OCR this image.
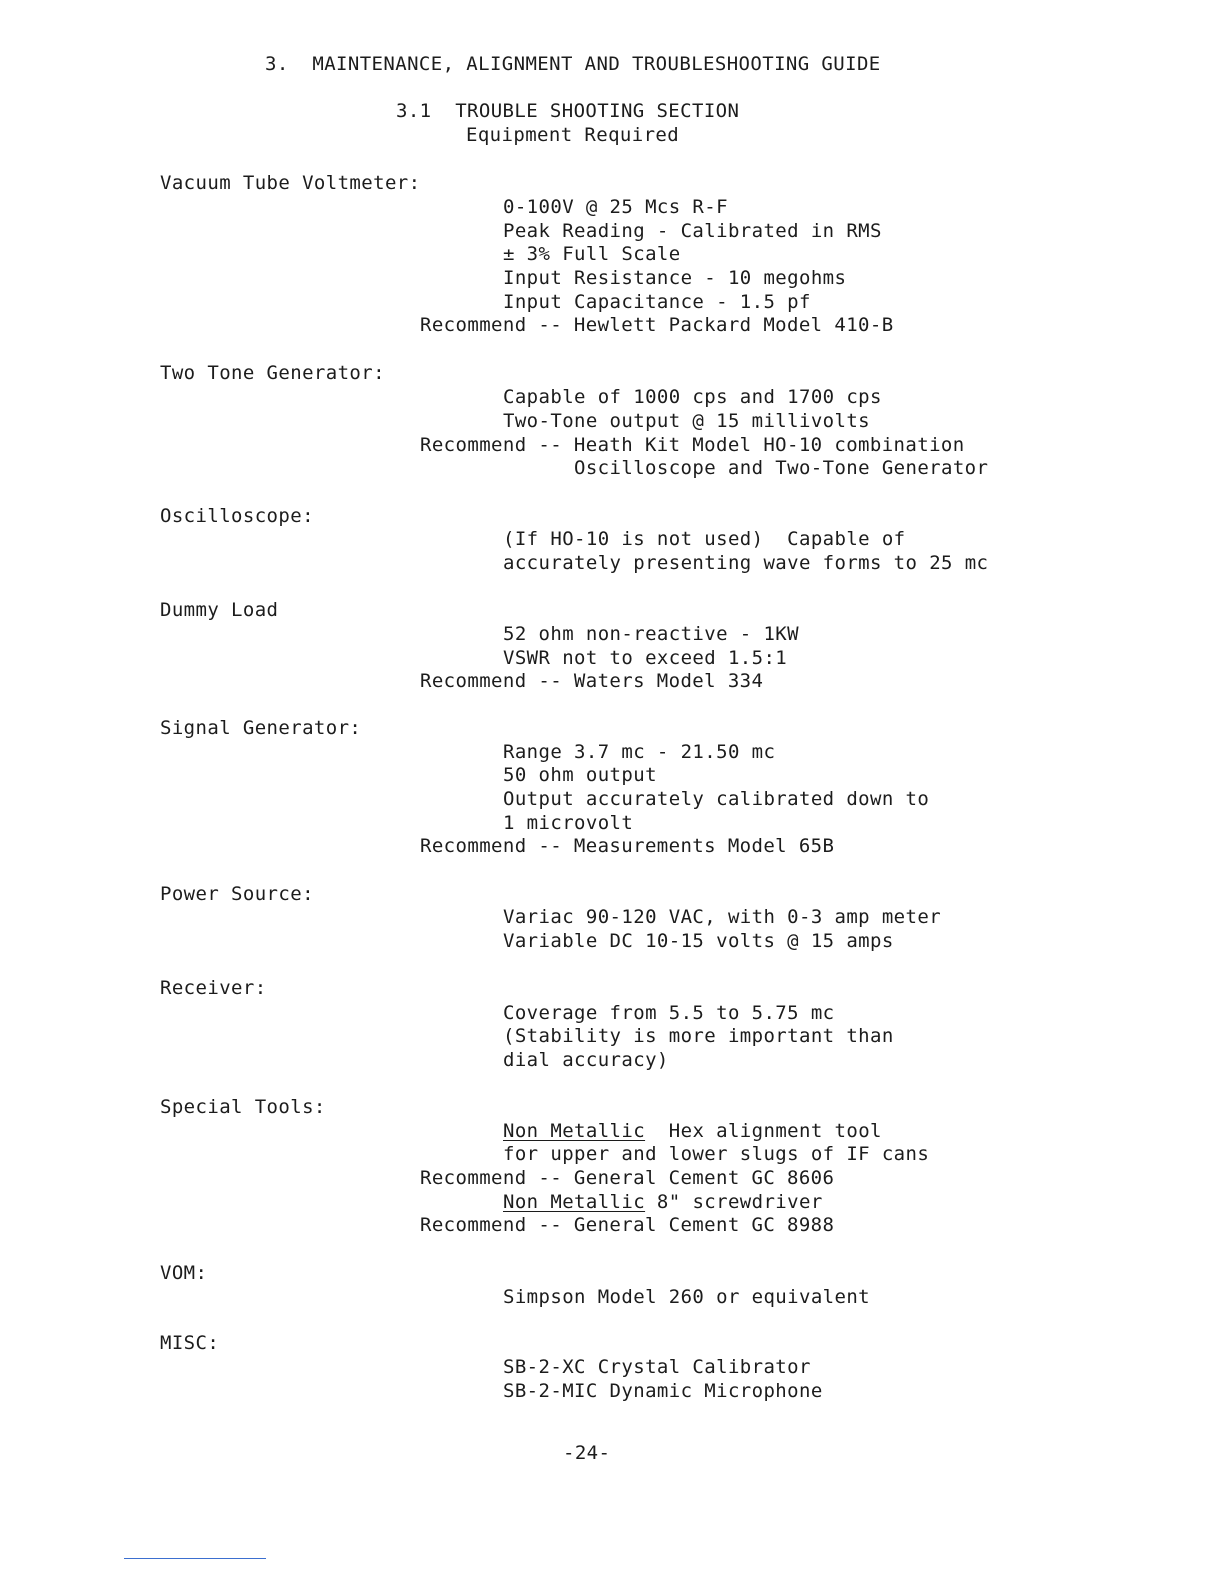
3.  MAINTENANCE, ALIGNMENT AND TROUBLESHOOTING GUIDE
3.1  TROUBLE SHOOTING SECTION
Equipment Required
Vacuum Tube Voltmeter:
0-100V @ 25 Mcs R-F
Peak Reading - Calibrated in RMS
± 3% Full Scale
Input Resistance - 10 megohms
Input Capacitance - 1.5 pf
Recommend -- Hewlett Packard Model 410-B
Two Tone Generator:
Capable of 1000 cps and 1700 cps
Two-Tone output @ 15 millivolts
Recommend -- Heath Kit Model HO-10 combination
Oscilloscope and Two-Tone Generator
Oscilloscope:
(If HO-10 is not used)  Capable of
accurately presenting wave forms to 25 mc
Dummy Load
52 ohm non-reactive - 1KW
VSWR not to exceed 1.5:1
Recommend -- Waters Model 334
Signal Generator:
Range 3.7 mc - 21.50 mc
50 ohm output
Output accurately calibrated down to
1 microvolt
Recommend -- Measurements Model 65B
Power Source:
Variac 90-120 VAC, with 0-3 amp meter
Variable DC 10-15 volts @ 15 amps
Receiver:
Coverage from 5.5 to 5.75 mc
(Stability is more important than
dial accuracy)
Special Tools:
Non Metallic Hex alignment tool
for upper and lower slugs of IF cans
Recommend -- General Cement GC 8606
Non Metallic 8" screwdriver
Recommend -- General Cement GC 8988
VOM:
Simpson Model 260 or equivalent
MISC:
SB-2-XC Crystal Calibrator
SB-2-MIC Dynamic Microphone
-24-
